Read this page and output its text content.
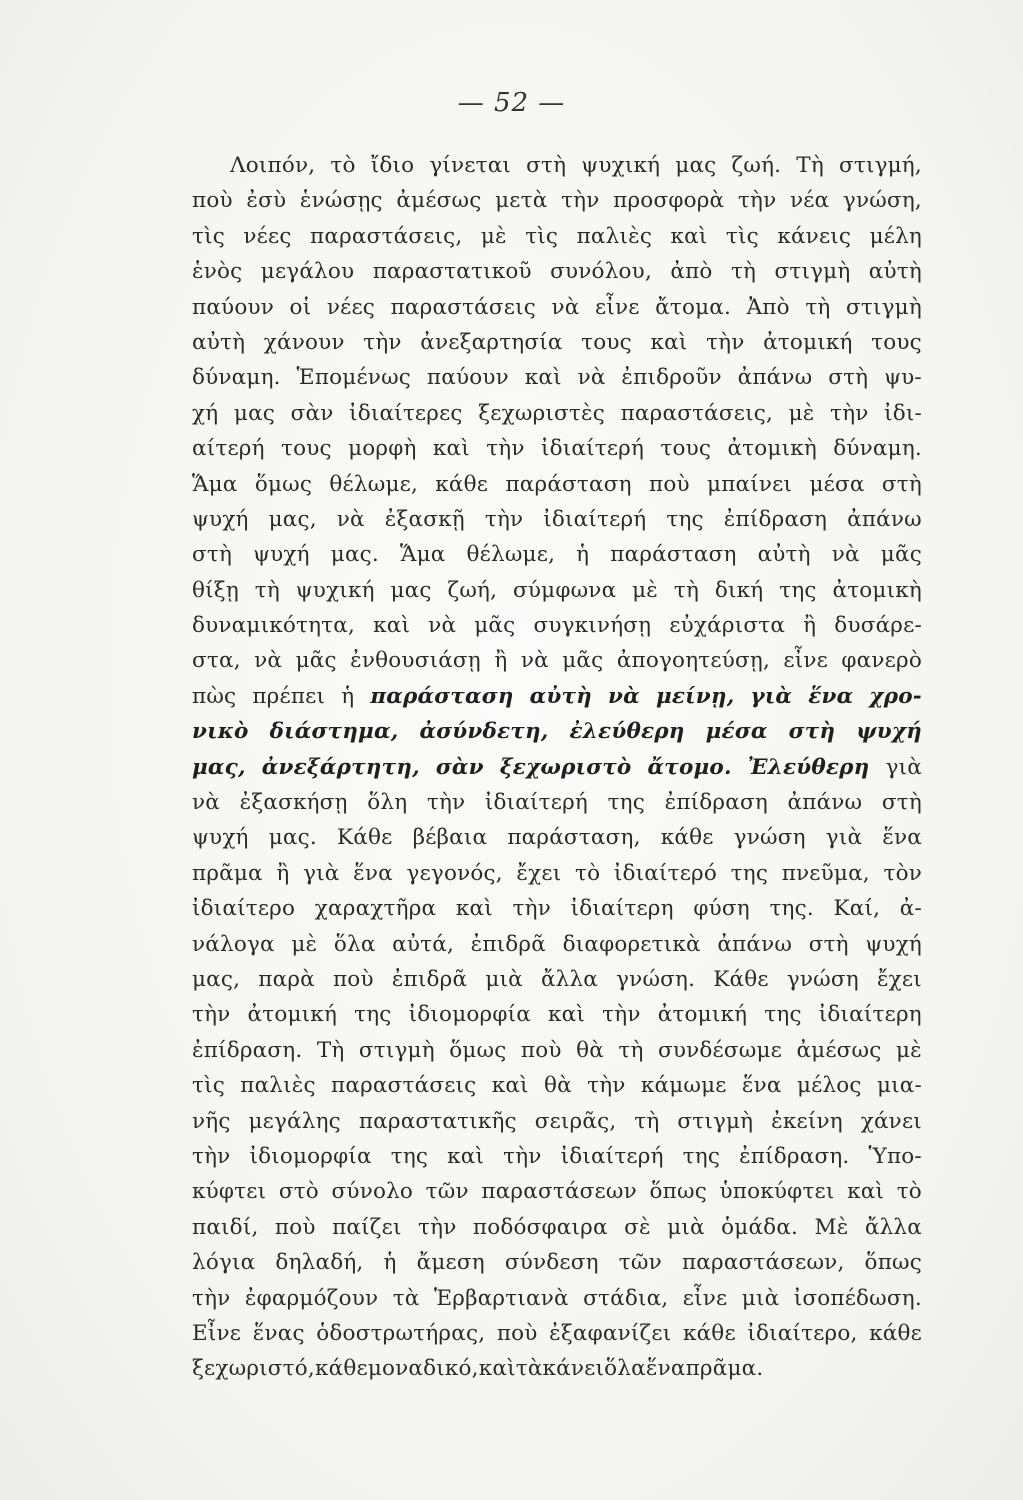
— 52 —
Λοιπόν, τὸ ἴδιο γίνεται στὴ ψυχική μας ζωή. Τὴ στιγμή,
ποὺ ἐσὺ ἑνώσῃς ἀμέσως μετὰ τὴν προσφορὰ τὴν νέα γνώση,
τὶς νέες παραστάσεις, μὲ τὶς παλιὲς καὶ τὶς κάνεις μέλη
ἑνὸς μεγάλου παραστατικοῦ συνόλου, ἀπὸ τὴ στιγμὴ αὐτὴ
παύουν οἱ νέες παραστάσεις νὰ εἶνε ἄτομα. Ἀπὸ τὴ στιγμὴ
αὐτὴ χάνουν τὴν ἀνεξαρτησία τους καὶ τὴν ἀτομική τους
δύναμη. Ἑπομένως παύουν καὶ νὰ ἐπιδροῦν ἀπάνω στὴ ψυ-
χή μας σὰν ἰδιαίτερες ξεχωριστὲς παραστάσεις, μὲ τὴν ἰδι-
αίτερή τους μορφὴ καὶ τὴν ἰδιαίτερή τους ἀτομικὴ δύναμη.
Ἅμα ὅμως θέλωμε, κάθε παράσταση ποὺ μπαίνει μέσα στὴ
ψυχή μας, νὰ ἐξασκῇ τὴν ἰδιαίτερή της ἐπίδραση ἀπάνω
στὴ ψυχή μας. Ἅμα θέλωμε, ἡ παράσταση αὐτὴ νὰ μᾶς
θίξῃ τὴ ψυχική μας ζωή, σύμφωνα μὲ τὴ δική της ἀτομικὴ
δυναμικότητα, καὶ νὰ μᾶς συγκινήσῃ εὐχάριστα ἢ δυσάρε-
στα, νὰ μᾶς ἐνθουσιάσῃ ἢ νὰ μᾶς ἀπογοητεύσῃ, εἶνε φανερὸ
πὼς πρέπει ἡ παράσταση αὐτὴ νὰ μείνῃ, γιὰ ἕνα χρο-
νικὸ διάστημα, ἀσύνδετη, ἐλεύθερη μέσα στὴ ψυχή
μας, ἀνεξάρτητη, σὰν ξεχωριστὸ ἄτομο. Ἐλεύθερη γιὰ
νὰ ἐξασκήσῃ ὅλη τὴν ἰδιαίτερή της ἐπίδραση ἀπάνω στὴ
ψυχή μας. Κάθε βέβαια παράσταση, κάθε γνώση γιὰ ἕνα
πρᾶμα ἢ γιὰ ἕνα γεγονός, ἔχει τὸ ἰδιαίτερό της πνεῦμα, τὸν
ἰδιαίτερο χαραχτῆρα καὶ τὴν ἰδιαίτερη φύση της. Καί, ἀ-
νάλογα μὲ ὅλα αὐτά, ἐπιδρᾶ διαφορετικὰ ἀπάνω στὴ ψυχή
μας, παρὰ ποὺ ἐπιδρᾶ μιὰ ἄλλα γνώση. Κάθε γνώση ἔχει
τὴν ἀτομική της ἰδιομορφία καὶ τὴν ἀτομική της ἰδιαίτερη
ἐπίδραση. Τὴ στιγμὴ ὅμως ποὺ θὰ τὴ συνδέσωμε ἀμέσως μὲ
τὶς παλιὲς παραστάσεις καὶ θὰ τὴν κάμωμε ἕνα μέλος μια-
νῆς μεγάλης παραστατικῆς σειρᾶς, τὴ στιγμὴ ἐκείνη χάνει
τὴν ἰδιομορφία της καὶ τὴν ἰδιαίτερή της ἐπίδραση. Ὑπο-
κύφτει στὸ σύνολο τῶν παραστάσεων ὅπως ὑποκύφτει καὶ τὸ
παιδί, ποὺ παίζει τὴν ποδόσφαιρα σὲ μιὰ ὁμάδα. Μὲ ἄλλα
λόγια δηλαδή, ἡ ἄμεση σύνδεση τῶν παραστάσεων, ὅπως
τὴν ἐφαρμόζουν τὰ Ἑρβαρτιανὰ στάδια, εἶνε μιὰ ἰσοπέδωση.
Εἶνε ἕνας ὁδοστρωτήρας, ποὺ ἐξαφανίζει κάθε ἰδιαίτερο, κάθε
ξεχωριστό, κάθε μοναδικό, καὶ τὰ κάνει ὅλα ἕνα πρᾶμα.
